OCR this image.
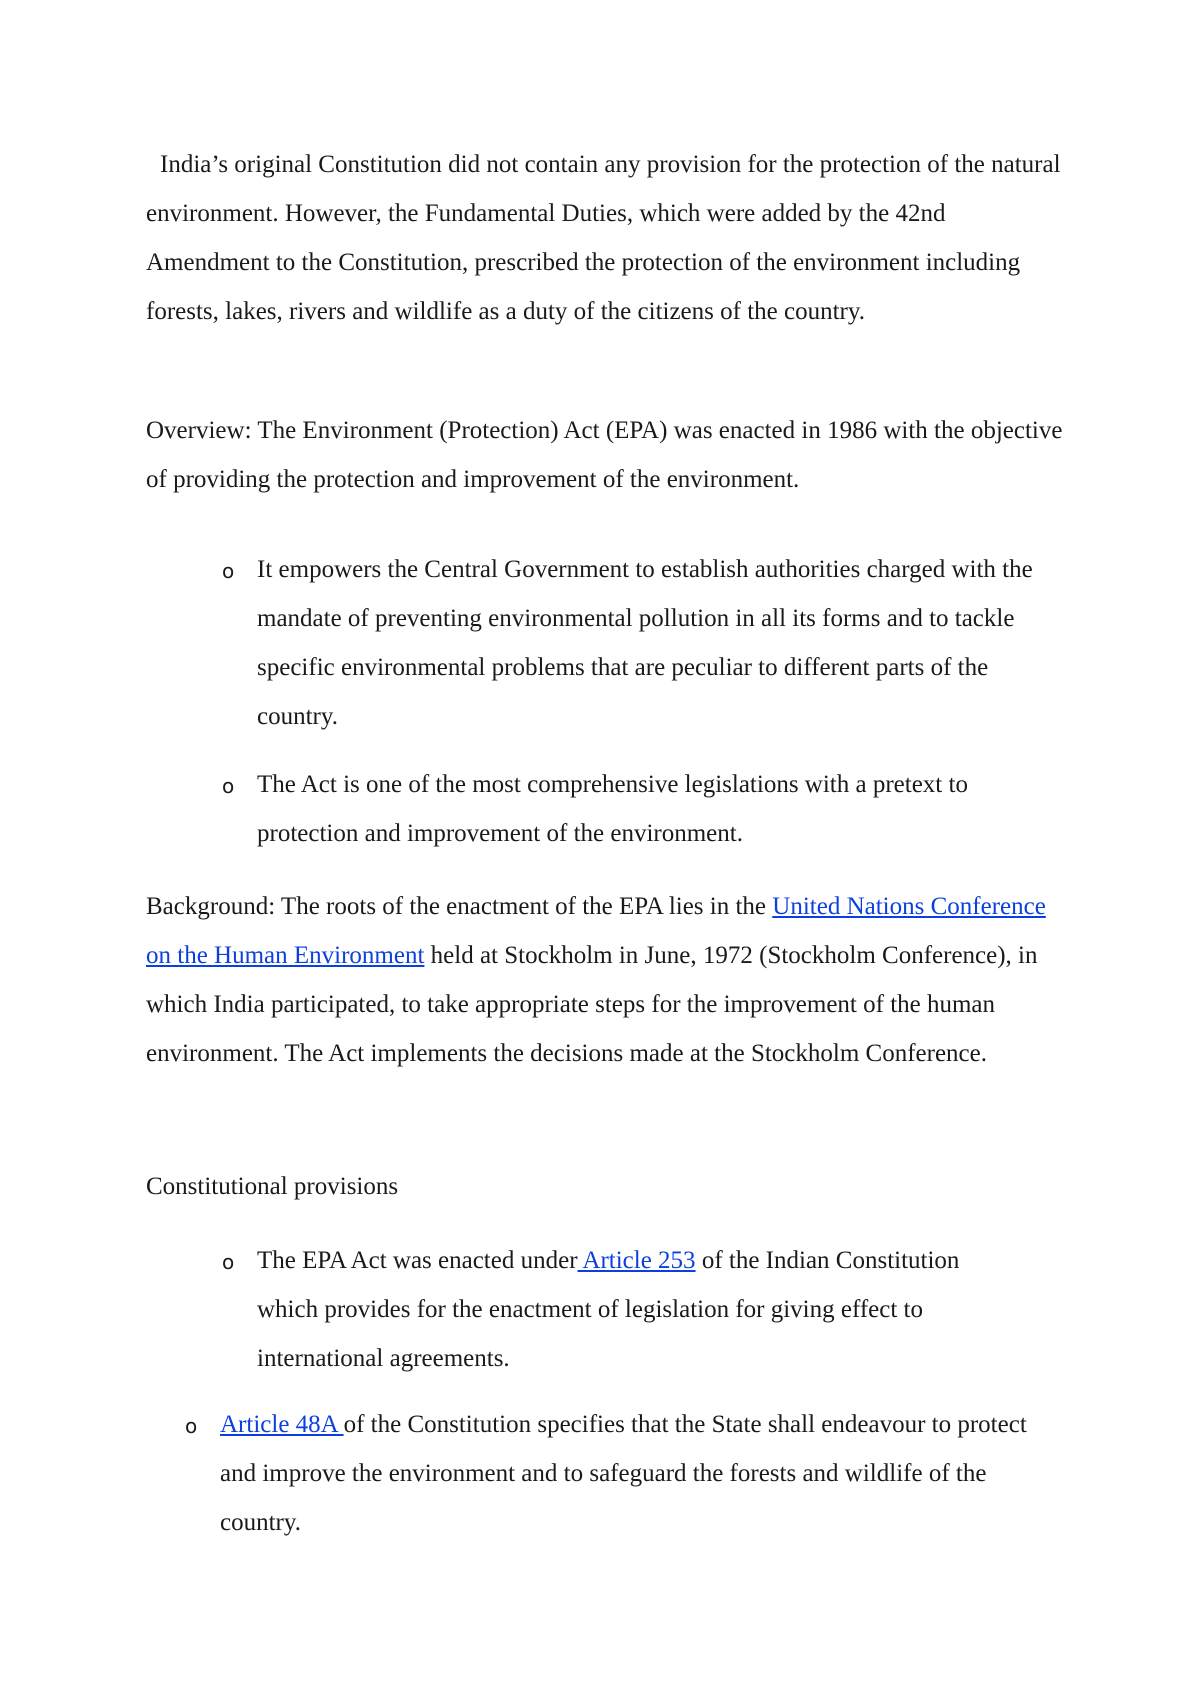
India’s original Constitution did not contain any provision for the protection of the natural environment. However, the Fundamental Duties, which were added by the 42nd Amendment to the Constitution, prescribed the protection of the environment including forests, lakes, rivers and wildlife as a duty of the citizens of the country.

Overview: The Environment (Protection) Act (EPA) was enacted in 1986 with the objective of providing the protection and improvement of the environment.

o It empowers the Central Government to establish authorities charged with the mandate of preventing environmental pollution in all its forms and to tackle specific environmental problems that are peculiar to different parts of the country.
o The Act is one of the most comprehensive legislations with a pretext to protection and improvement of the environment.

Background: The roots of the enactment of the EPA lies in the United Nations Conference on the Human Environment held at Stockholm in June, 1972 (Stockholm Conference), in which India participated, to take appropriate steps for the improvement of the human environment. The Act implements the decisions made at the Stockholm Conference.

Constitutional provisions

o The EPA Act was enacted under Article 253 of the Indian Constitution which provides for the enactment of legislation for giving effect to international agreements.
o Article 48A of the Constitution specifies that the State shall endeavour to protect and improve the environment and to safeguard the forests and wildlife of the country.
